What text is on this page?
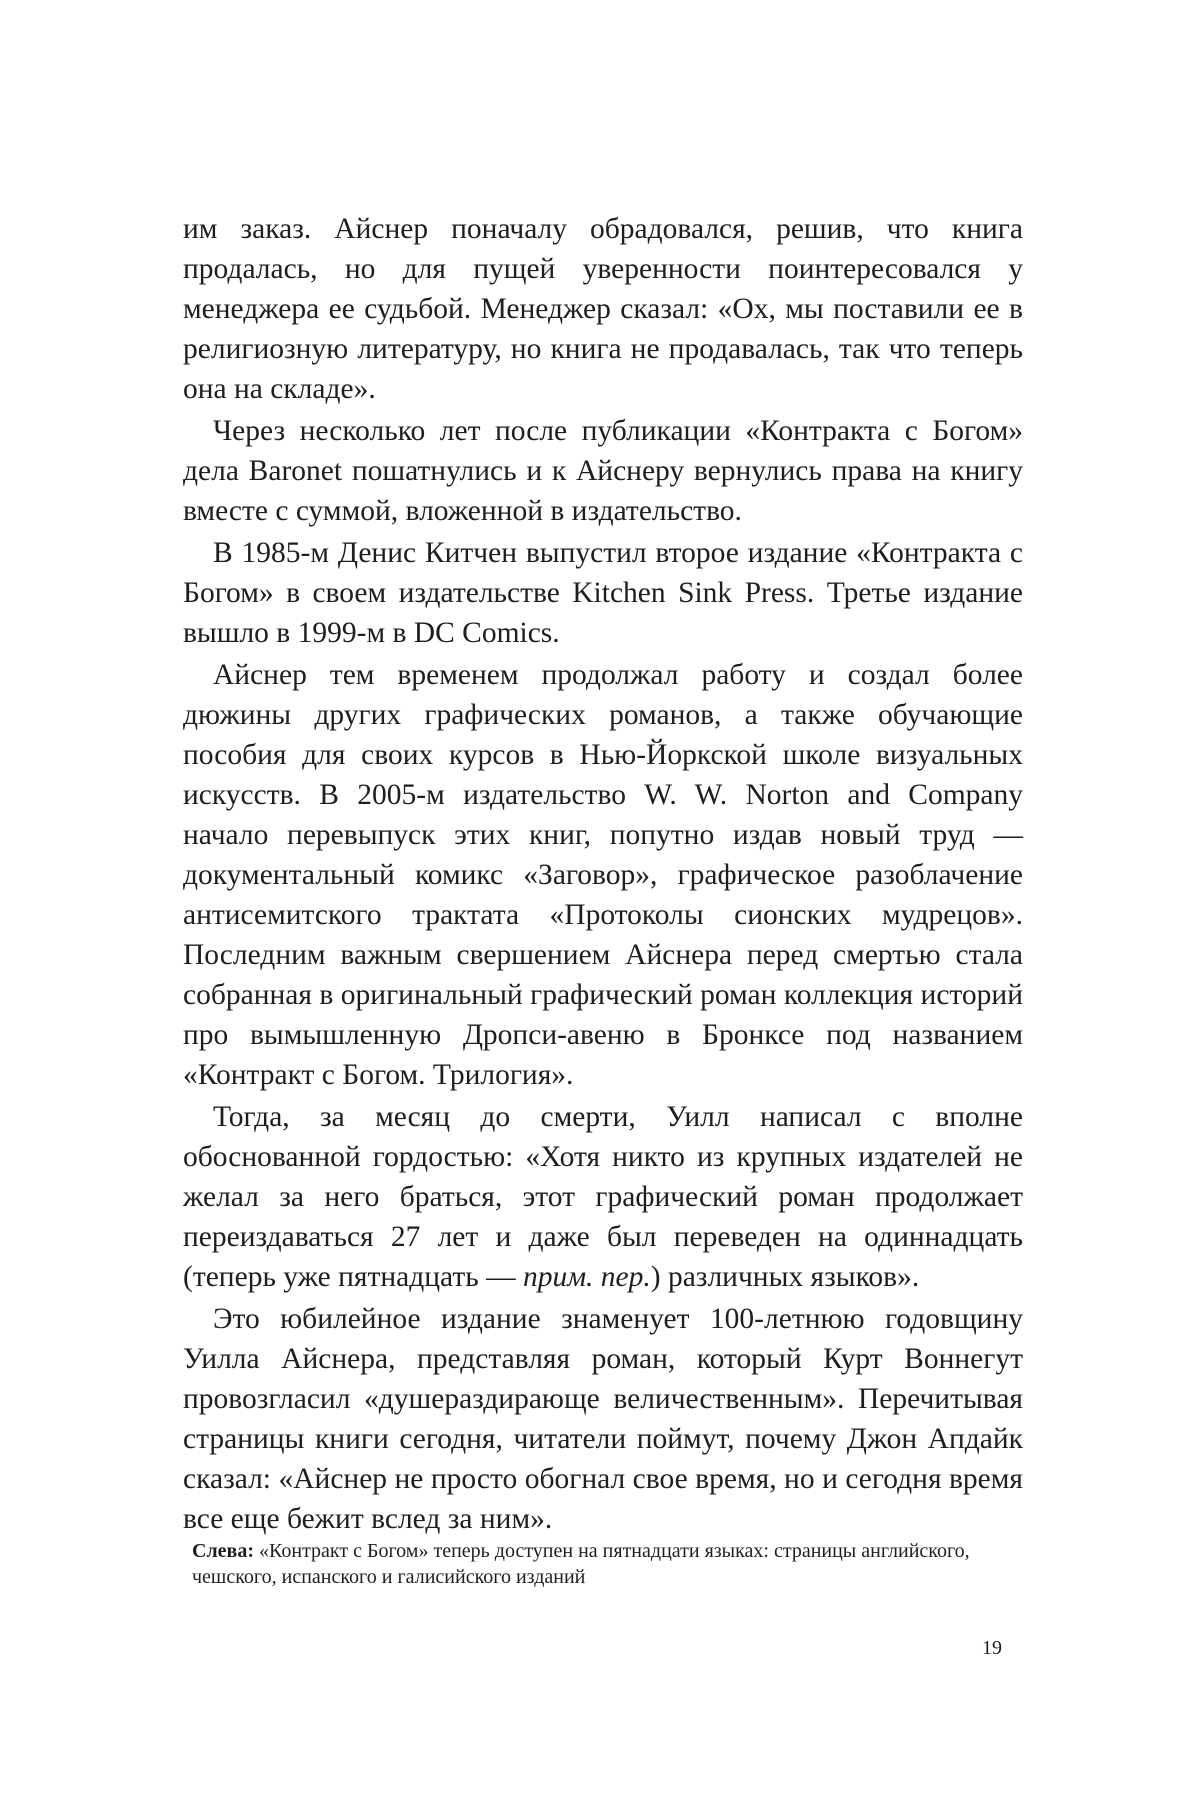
им заказ. Айснер поначалу обрадовался, решив, что книга продалась, но для пущей уверенности поинтересовался у менеджера ее судьбой. Менеджер сказал: «Ох, мы поставили ее в религиозную литературу, но книга не продавалась, так что теперь она на складе».

Через несколько лет после публикации «Контракта с Богом» дела Baronet пошатнулись и к Айснеру вернулись права на книгу вместе с суммой, вложенной в издательство.

В 1985-м Денис Китчен выпустил второе издание «Контракта с Богом» в своем издательстве Kitchen Sink Press. Третье издание вышло в 1999-м в DC Comics.

Айснер тем временем продолжал работу и создал более дюжины других графических романов, а также обучающие пособия для своих курсов в Нью-Йоркской школе визуальных искусств. В 2005-м издательство W. W. Norton and Company начало перевыпуск этих книг, попутно издав новый труд — документальный комикс «Заговор», графическое разоблачение антисемитского трактата «Протоколы сионских мудрецов». Последним важным свершением Айснера перед смертью стала собранная в оригинальный графический роман коллекция историй про вымышленную Дропси-авеню в Бронксе под названием «Контракт с Богом. Трилогия».

Тогда, за месяц до смерти, Уилл написал с вполне обоснованной гордостью: «Хотя никто из крупных издателей не желал за него браться, этот графический роман продолжает переиздаваться 27 лет и даже был переведен на одиннадцать (теперь уже пятнадцать — прим. пер.) различных языков».

Это юбилейное издание знаменует 100-летнюю годовщину Уилла Айснера, представляя роман, который Курт Воннегут провозгласил «душераздирающе величественным». Перечитывая страницы книги сегодня, читатели поймут, почему Джон Апдайк сказал: «Айснер не просто обогнал свое время, но и сегодня время все еще бежит вслед за ним».

Слева: «Контракт с Богом» теперь доступен на пятнадцати языках: страницы английского, чешского, испанского и галисийского изданий
19
